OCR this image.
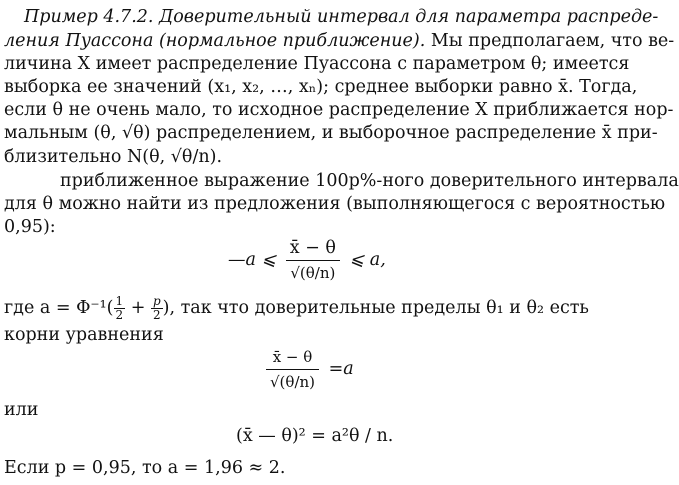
Пример 4.7.2. Доверительный интервал для параметра распреде-
ления Пуассона (нормальное приближение). Мы предполагаем, что ве-
личина X имеет распределение Пуассона с параметром θ; имеется
выборка ее значений (x₁, x₂, …, xₙ); среднее выборки равно x̄. Тогда,
если θ не очень мало, то исходное распределение X приближается нор-
мальным (θ, √θ) распределением, и выборочное распределение x̄ при-
близительно N(θ, √θ/n).
приближенное выражение 100p%-ного доверительного интервала
для θ можно найти из предложения (выполняющегося с вероятностью
0,95):
—a ⩽ $\frac{x̄ - \theta}{√(\theta/n)}$ ⩽ a,
где $a = \Phi^{-1}( \frac{1}{2} + \frac{p}{2}$ ), так что доверительные пределы θ₁ и θ₂ есть
корни уравнения
$\frac{x̄ - \theta}{√(\theta/n)} =a$
или
(x̄ — θ)² = a²θ / n.
Если p = 0,95, то a = 1,96 ≈ 2.
